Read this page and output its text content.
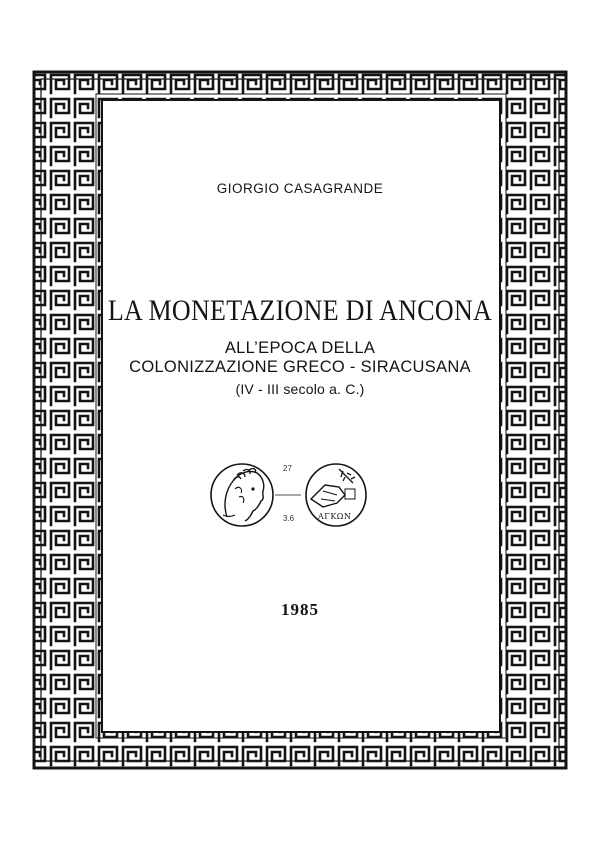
GIORGIO CASAGRANDE
LA MONETAZIONE DI ANCONA
ALL’EPOCA DELLA
COLONIZZAZIONE GRECO - SIRACUSANA
(IV - III secolo a. C.)
27
3.6	ΑΓΚΩΝ
1985
